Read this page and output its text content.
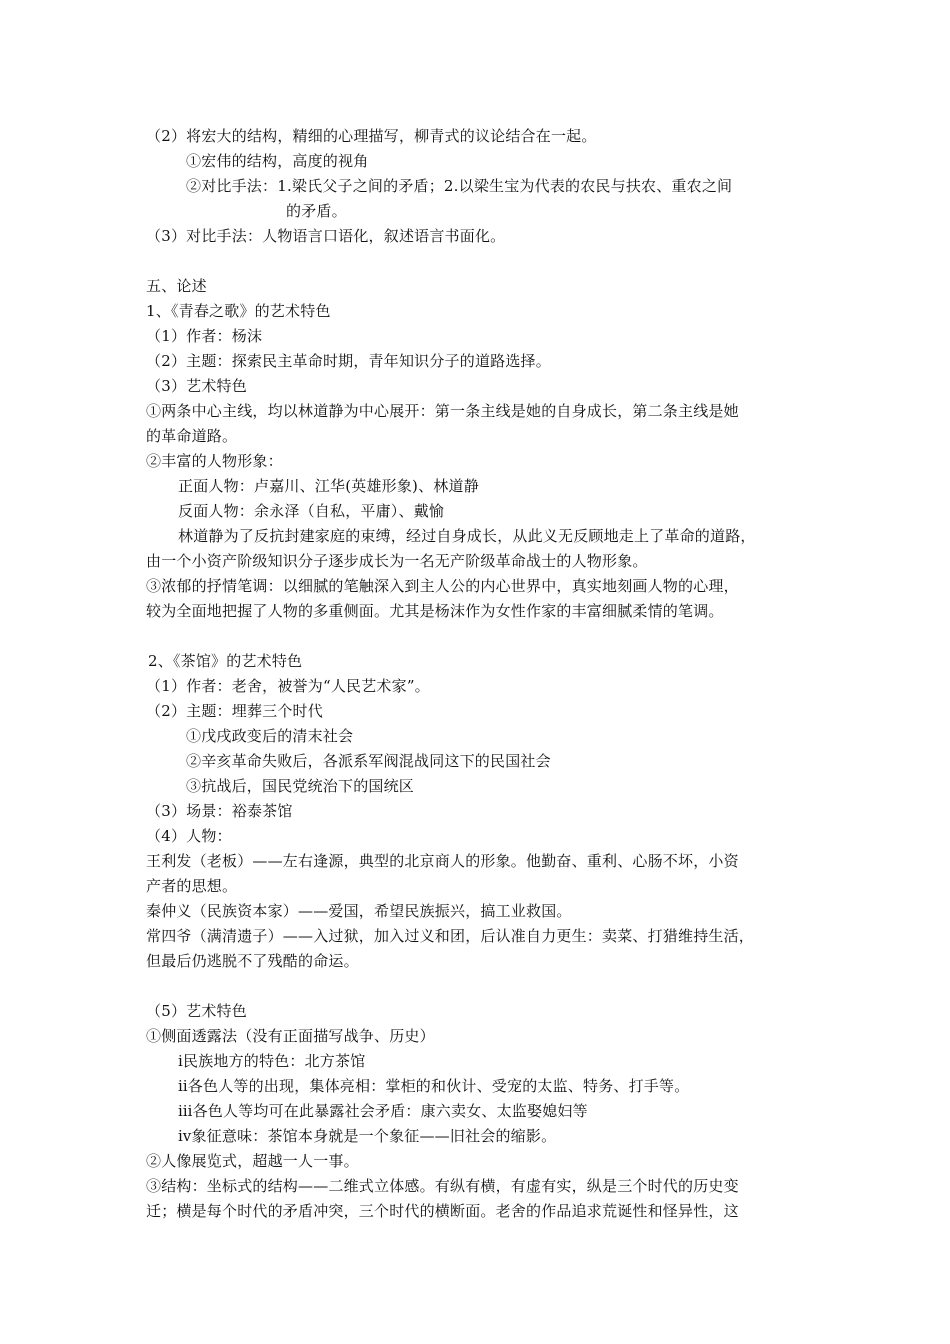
（2）将宏大的结构，精细的心理描写，柳青式的议论结合在一起。
①宏伟的结构，高度的视角
②对比手法：1.梁氏父子之间的矛盾；2.以梁生宝为代表的农民与扶农、重农之间
的矛盾。
（3）对比手法：人物语言口语化，叙述语言书面化。
五、论述
1、《青春之歌》的艺术特色
（1）作者：杨沫
（2）主题：探索民主革命时期，青年知识分子的道路选择。
（3）艺术特色
①两条中心主线，均以林道静为中心展开：第一条主线是她的自身成长，第二条主线是她
的革命道路。
②丰富的人物形象：
正面人物：卢嘉川、江华(英雄形象)、林道静
反面人物：余永泽（自私，平庸）、戴愉
林道静为了反抗封建家庭的束缚，经过自身成长，从此义无反顾地走上了革命的道路，
由一个小资产阶级知识分子逐步成长为一名无产阶级革命战士的人物形象。
③浓郁的抒情笔调：以细腻的笔触深入到主人公的内心世界中，真实地刻画人物的心理，
较为全面地把握了人物的多重侧面。尤其是杨沫作为女性作家的丰富细腻柔情的笔调。
2、《茶馆》的艺术特色
（1）作者：老舍，被誉为“人民艺术家”。
（2）主题：埋葬三个时代
①戊戌政变后的清末社会
②辛亥革命失败后，各派系军阀混战同这下的民国社会
③抗战后，国民党统治下的国统区
（3）场景：裕泰茶馆
（4）人物：
王利发（老板）——左右逢源，典型的北京商人的形象。他勤奋、重利、心肠不坏，小资
产者的思想。
秦仲义（民族资本家）——爱国，希望民族振兴，搞工业救国。
常四爷（满清遗子）——入过狱，加入过义和团，后认准自力更生：卖菜、打猎维持生活，
但最后仍逃脱不了残酷的命运。
（5）艺术特色
①侧面透露法（没有正面描写战争、历史）
ⅰ民族地方的特色：北方茶馆
ⅱ各色人等的出现，集体亮相：掌柜的和伙计、受宠的太监、特务、打手等。
ⅲ各色人等均可在此暴露社会矛盾：康六卖女、太监娶媳妇等
ⅳ象征意味：茶馆本身就是一个象征——旧社会的缩影。
②人像展览式，超越一人一事。
③结构：坐标式的结构——二维式立体感。有纵有横，有虚有实，纵是三个时代的历史变
迁；横是每个时代的矛盾冲突，三个时代的横断面。老舍的作品追求荒诞性和怪异性，这
